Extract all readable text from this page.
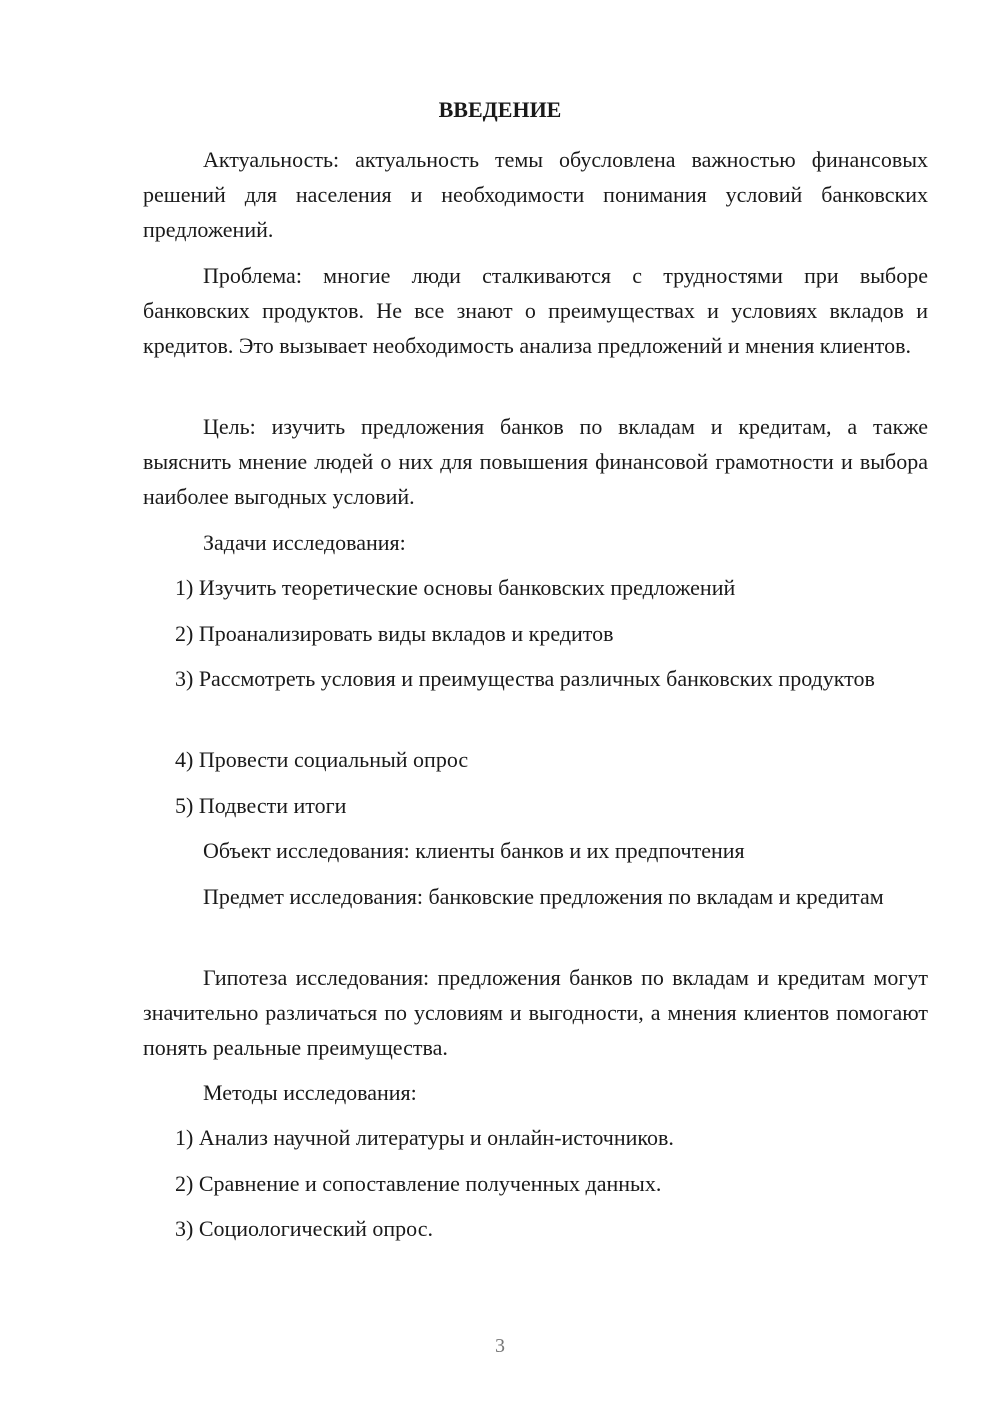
ВВЕДЕНИЕ

Актуальность: актуальность темы обусловлена важностью финансовых решений для населения и необходимости понимания условий банковских предложений.

Проблема: многие люди сталкиваются с трудностями при выборе банковских продуктов. Не все знают о преимуществах и условиях вкладов и кредитов. Это вызывает необходимость анализа предложений и мнения клиентов.

Цель: изучить предложения банков по вкладам и кредитам, а также выяснить мнение людей о них для повышения финансовой грамотности и выбора наиболее выгодных условий.

Задачи исследования:

1) Изучить теоретические основы банковских предложений

2) Проанализировать виды вкладов и кредитов

3) Рассмотреть условия и преимущества различных банковских продуктов

4) Провести социальный опрос

5) Подвести итоги

Объект исследования: клиенты банков и их предпочтения

Предмет исследования: банковские предложения по вкладам и кредитам

Гипотеза исследования: предложения банков по вкладам и кредитам могут значительно различаться по условиям и выгодности, а мнения клиентов помогают понять реальные преимущества.

Методы исследования:

1) Анализ научной литературы и онлайн-источников.

2) Сравнение и сопоставление полученных данных.

3) Социологический опрос.

3
